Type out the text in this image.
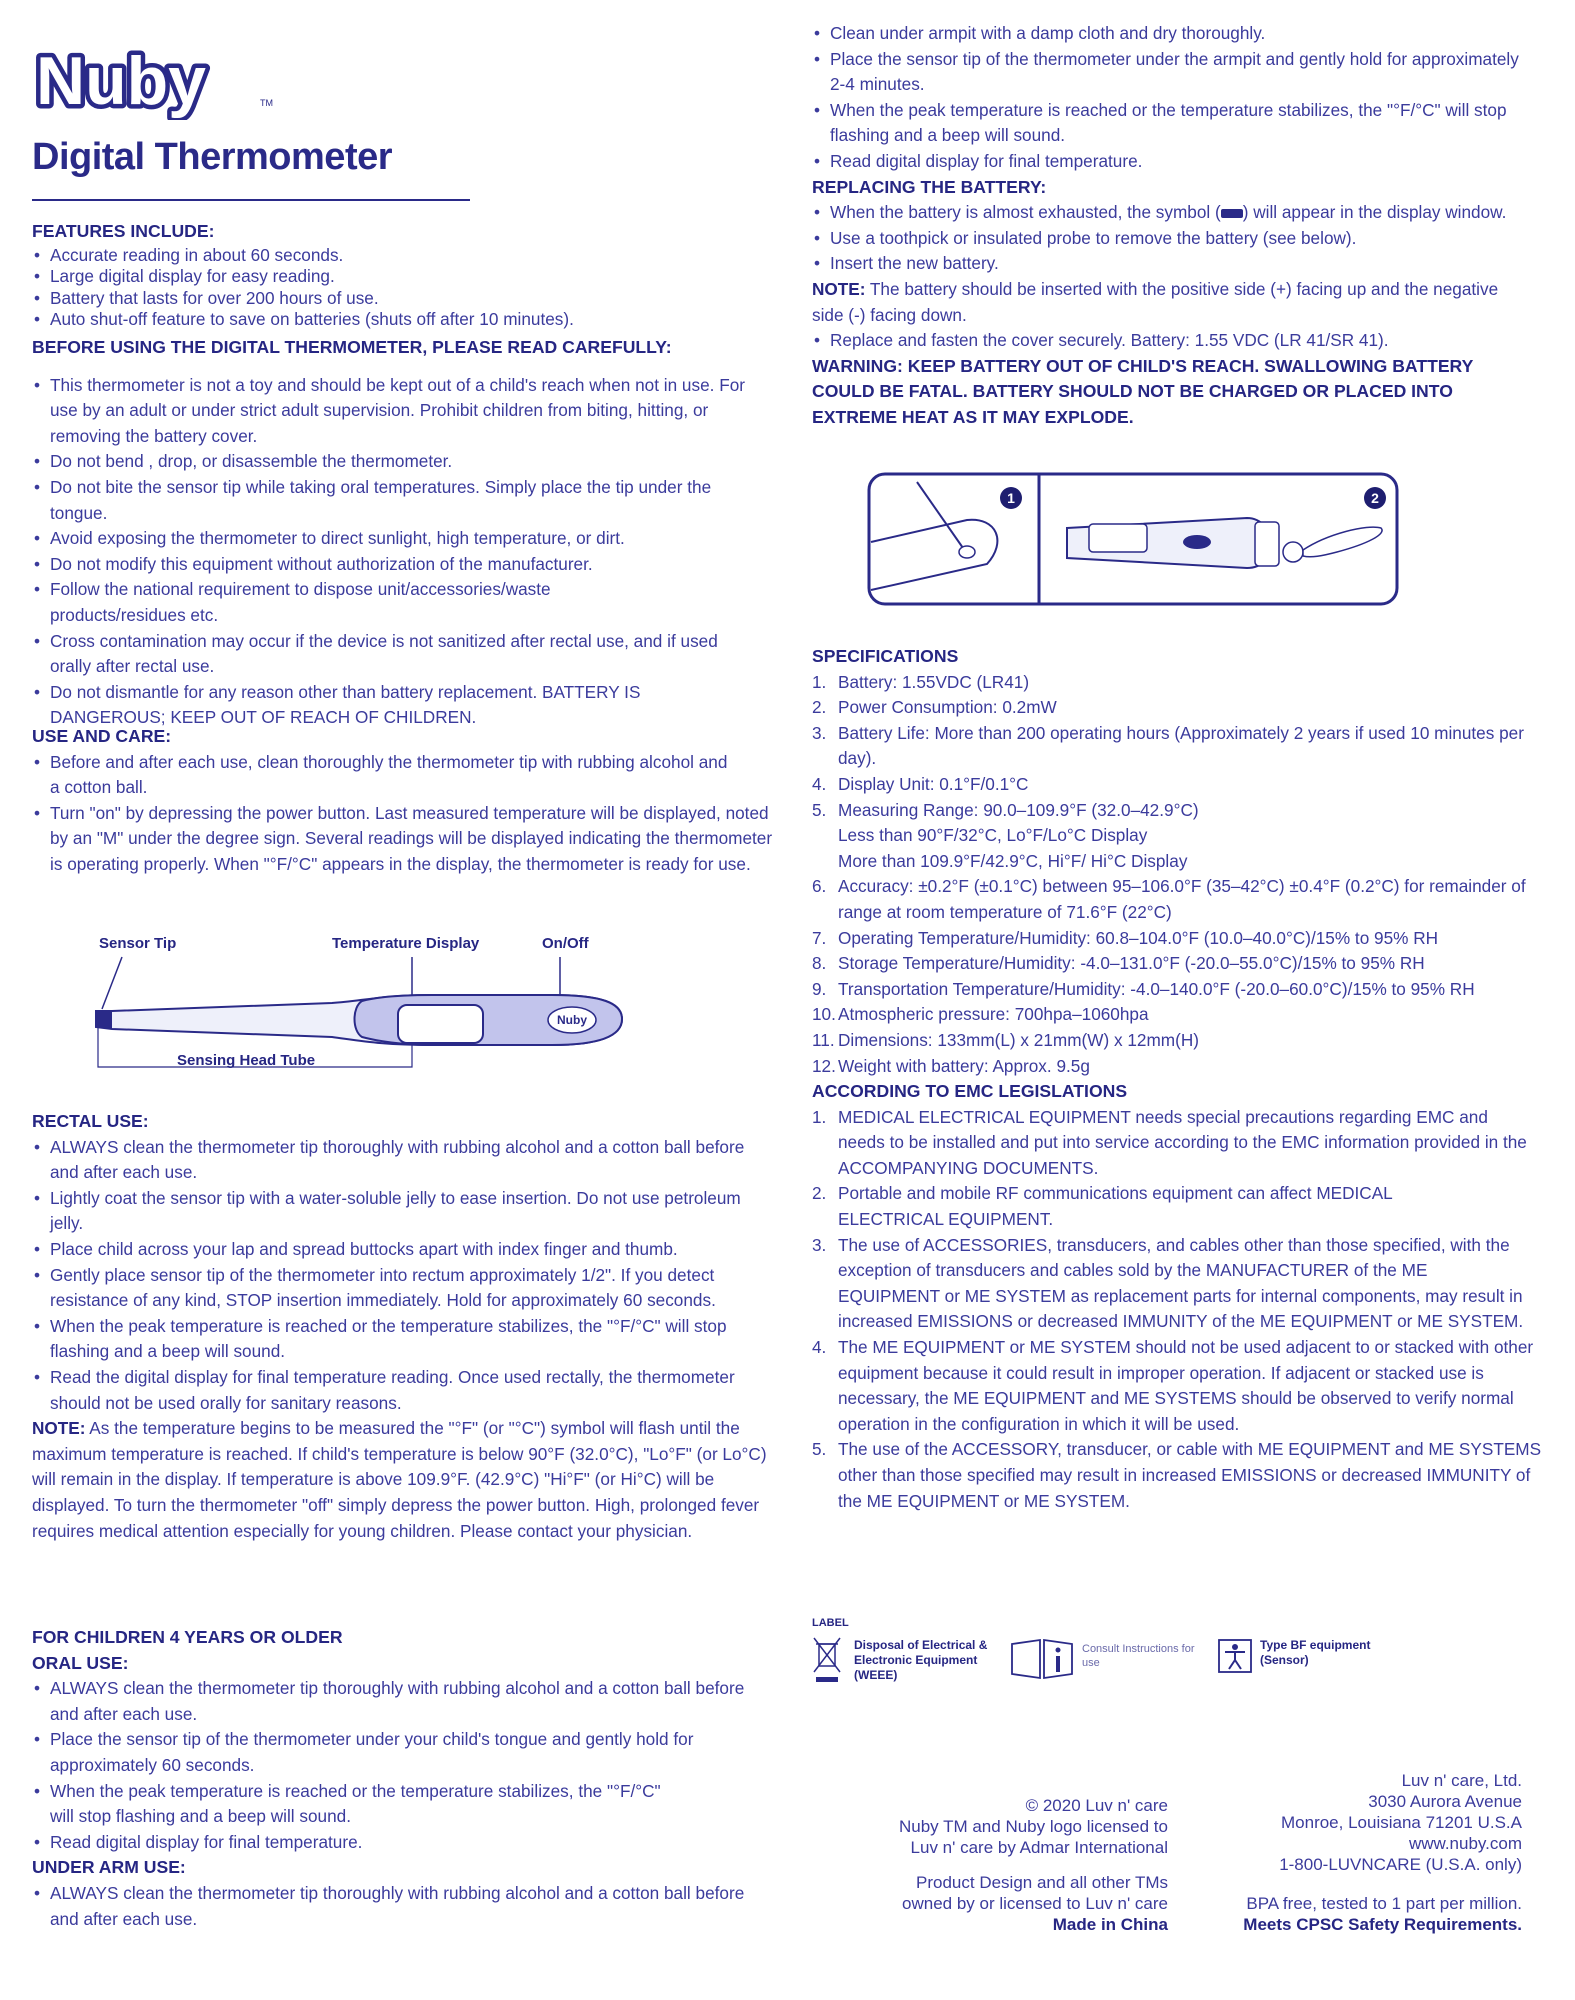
Nuby	TM
Digital Thermometer
FEATURES INCLUDE:
• Accurate reading in about 60 seconds.
• Large digital display for easy reading.
• Battery that lasts for over 200 hours of use.
• Auto shut-off feature to save on batteries (shuts off after 10 minutes).
BEFORE USING THE DIGITAL THERMOMETER, PLEASE READ CAREFULLY:
• This thermometer is not a toy and should be kept out of a child's reach when not in use. For use by an adult or under strict adult supervision. Prohibit children from biting, hitting, or removing the battery cover.
• Do not bend , drop, or disassemble the thermometer.
• Do not bite the sensor tip while taking oral temperatures. Simply place the tip under the tongue.
• Avoid exposing the thermometer to direct sunlight, high temperature, or dirt.
• Do not modify this equipment without authorization of the manufacturer.
• Follow the national requirement to dispose unit/accessories/waste products/residues etc.
• Cross contamination may occur if the device is not sanitized after rectal use, and if used orally after rectal use.
• Do not dismantle for any reason other than battery replacement. BATTERY IS DANGEROUS; KEEP OUT OF REACH OF CHILDREN.
USE AND CARE:
• Before and after each use, clean thoroughly the thermometer tip with rubbing alcohol and a cotton ball.
• Turn "on" by depressing the power button. Last measured temperature will be displayed, noted by an "M" under the degree sign. Several readings will be displayed indicating the thermometer is operating properly. When "°F/°C" appears in the display, the thermometer is ready for use.
Nuby
Sensor Tip	Temperature Display	On/Off
Sensing Head Tube
RECTAL USE:
• ALWAYS clean the thermometer tip thoroughly with rubbing alcohol and a cotton ball before and after each use.
• Lightly coat the sensor tip with a water-soluble jelly to ease insertion. Do not use petroleum jelly.
• Place child across your lap and spread buttocks apart with index finger and thumb.
• Gently place sensor tip of the thermometer into rectum approximately 1/2". If you detect resistance of any kind, STOP insertion immediately. Hold for approximately 60 seconds.
• When the peak temperature is reached or the temperature stabilizes, the "°F/°C" will stop flashing and a beep will sound.
• Read the digital display for final temperature reading. Once used rectally, the thermometer should not be used orally for sanitary reasons.
NOTE: As the temperature begins to be measured the "°F" (or "°C") symbol will flash until the maximum temperature is reached. If child's temperature is below 90°F (32.0°C), "Lo°F" (or Lo°C) will remain in the display. If temperature is above 109.9°F. (42.9°C) "Hi°F" (or Hi°C) will be displayed. To turn the thermometer "off" simply depress the power button. High, prolonged fever requires medical attention especially for young children. Please contact your physician.
FOR CHILDREN 4 YEARS OR OLDER
ORAL USE:
• ALWAYS clean the thermometer tip thoroughly with rubbing alcohol and a cotton ball before and after each use.
• Place the sensor tip of the thermometer under your child's tongue and gently hold for approximately 60 seconds.
• When the peak temperature is reached or the temperature stabilizes, the "°F/°C" will stop flashing and a beep will sound.
• Read digital display for final temperature.
UNDER ARM USE:
• ALWAYS clean the thermometer tip thoroughly with rubbing alcohol and a cotton ball before and after each use.
• Clean under armpit with a damp cloth and dry thoroughly.
• Place the sensor tip of the thermometer under the armpit and gently hold for approximately 2-4 minutes.
• When the peak temperature is reached or the temperature stabilizes, the "°F/°C" will stop flashing and a beep will sound.
• Read digital display for final temperature.
REPLACING THE BATTERY:
• When the battery is almost exhausted, the symbol ( ) will appear in the display window.
• Use a toothpick or insulated probe to remove the battery (see below).
• Insert the new battery.
NOTE: The battery should be inserted with the positive side (+) facing up and the negative side (-) facing down.
• Replace and fasten the cover securely. Battery: 1.55 VDC (LR 41/SR 41).
WARNING: KEEP BATTERY OUT OF CHILD'S REACH. SWALLOWING BATTERY COULD BE FATAL. BATTERY SHOULD NOT BE CHARGED OR PLACED INTO EXTREME HEAT AS IT MAY EXPLODE.
1	2
SPECIFICATIONS
1. Battery: 1.55VDC (LR41)
2. Power Consumption: 0.2mW
3. Battery Life: More than 200 operating hours (Approximately 2 years if used 10 minutes per day).
4. Display Unit: 0.1°F/0.1°C
5. Measuring Range: 90.0–109.9°F (32.0–42.9°C)
Less than 90°F/32°C, Lo°F/Lo°C Display
More than 109.9°F/42.9°C, Hi°F/ Hi°C Display
6. Accuracy: ±0.2°F (±0.1°C) between 95–106.0°F (35–42°C) ±0.4°F (0.2°C) for remainder of range at room temperature of 71.6°F (22°C)
7. Operating Temperature/Humidity: 60.8–104.0°F (10.0–40.0°C)/15% to 95% RH
8. Storage Temperature/Humidity: -4.0–131.0°F (-20.0–55.0°C)/15% to 95% RH
9. Transportation Temperature/Humidity: -4.0–140.0°F (-20.0–60.0°C)/15% to 95% RH
10. Atmospheric pressure: 700hpa–1060hpa
11. Dimensions: 133mm(L) x 21mm(W) x 12mm(H)
12. Weight with battery: Approx. 9.5g
ACCORDING TO EMC LEGISLATIONS
1. MEDICAL ELECTRICAL EQUIPMENT needs special precautions regarding EMC and needs to be installed and put into service according to the EMC information provided in the ACCOMPANYING DOCUMENTS.
2. Portable and mobile RF communications equipment can affect MEDICAL ELECTRICAL EQUIPMENT.
3. The use of ACCESSORIES, transducers, and cables other than those specified, with the exception of transducers and cables sold by the MANUFACTURER of the ME EQUIPMENT or ME SYSTEM as replacement parts for internal components, may result in increased EMISSIONS or decreased IMMUNITY of the ME EQUIPMENT or ME SYSTEM.
4. The ME EQUIPMENT or ME SYSTEM should not be used adjacent to or stacked with other equipment because it could result in improper operation. If adjacent or stacked use is necessary, the ME EQUIPMENT and ME SYSTEMS should be observed to verify normal operation in the configuration in which it will be used.
5. The use of the ACCESSORY, transducer, or cable with ME EQUIPMENT and ME SYSTEMS other than those specified may result in increased EMISSIONS or decreased IMMUNITY of the ME EQUIPMENT or ME SYSTEM.
LABEL
Disposal of Electrical & Electronic Equipment (WEEE)
Consult Instructions for use
Type BF equipment (Sensor)
© 2020 Luv n' care
Nuby TM and Nuby logo licensed to
Luv n' care by Admar International
Product Design and all other TMs
owned by or licensed to Luv n' care
Made in China
Luv n' care, Ltd.
3030 Aurora Avenue
Monroe, Louisiana 71201 U.S.A
www.nuby.com
1-800-LUVNCARE (U.S.A. only)
BPA free, tested to 1 part per million.
Meets CPSC Safety Requirements.
